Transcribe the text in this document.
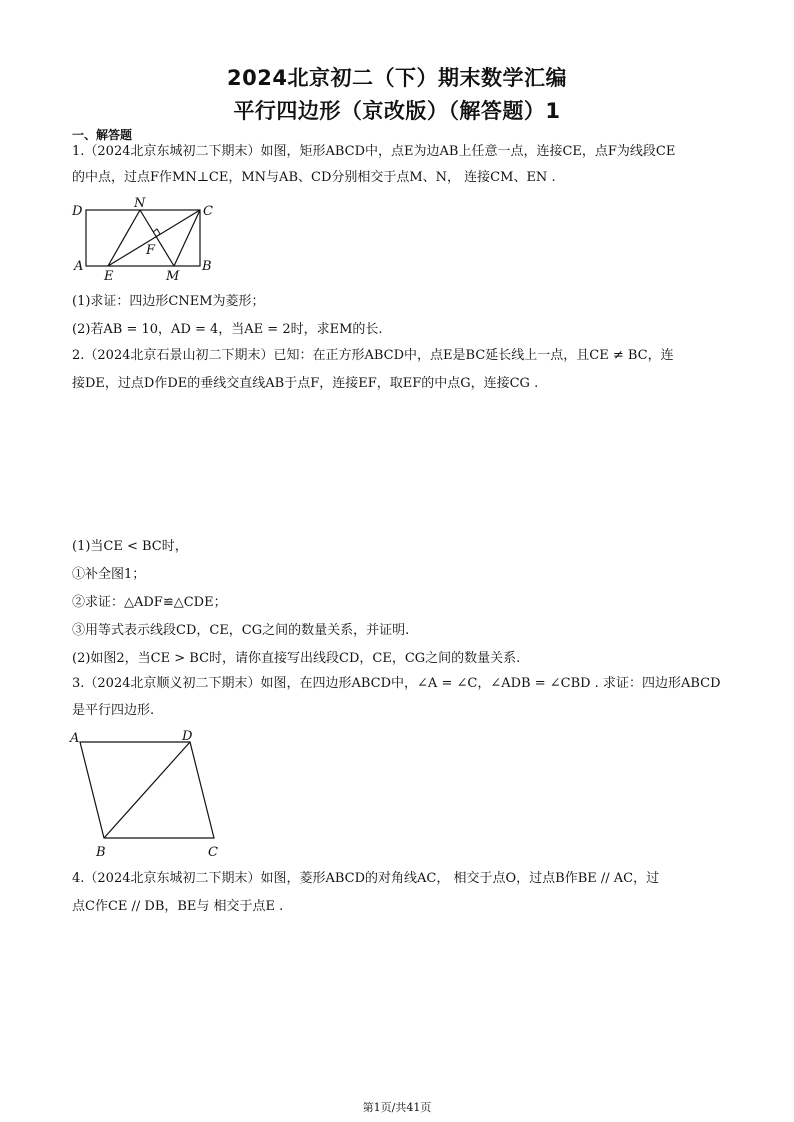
2024北京初二（下）期末数学汇编
平行四边形（京改版）（解答题）1
一、解答题
1.（2024北京东城初二下期末）如图，矩形ABCD中，点E为边AB上任意一点，连接CE，点F为线段CE
的中点，过点F作MN⊥CE，MN与AB、CD分别相交于点M、N， 连接CM、EN .
D
N
C
F
A
E	M
B
(1)求证：四边形CNEM为菱形；
(2)若AB = 10，AD = 4，当AE = 2时，求EM的长.
2.（2024北京石景山初二下期末）已知：在正方形ABCD中，点E是BC延长线上一点，且CE ≠ BC，连
接DE，过点D作DE的垂线交直线AB于点F，连接EF，取EF的中点G，连接CG .
(1)当CE < BC时，
①补全图1；
②求证：△ADF≌△CDE；
③用等式表示线段CD，CE，CG之间的数量关系，并证明.
(2)如图2，当CE > BC时，请你直接写出线段CD，CE，CG之间的数量关系.
3.（2024北京顺义初二下期末）如图，在四边形ABCD中，∠A = ∠C，∠ADB = ∠CBD . 求证：四边形ABCD
是平行四边形.
A	D
B	C
4.（2024北京东城初二下期末）如图，菱形ABCD的对角线AC， 相交于点O，过点B作BE // AC，过
点C作CE // DB，BE与 相交于点E .
第1页/共41页
